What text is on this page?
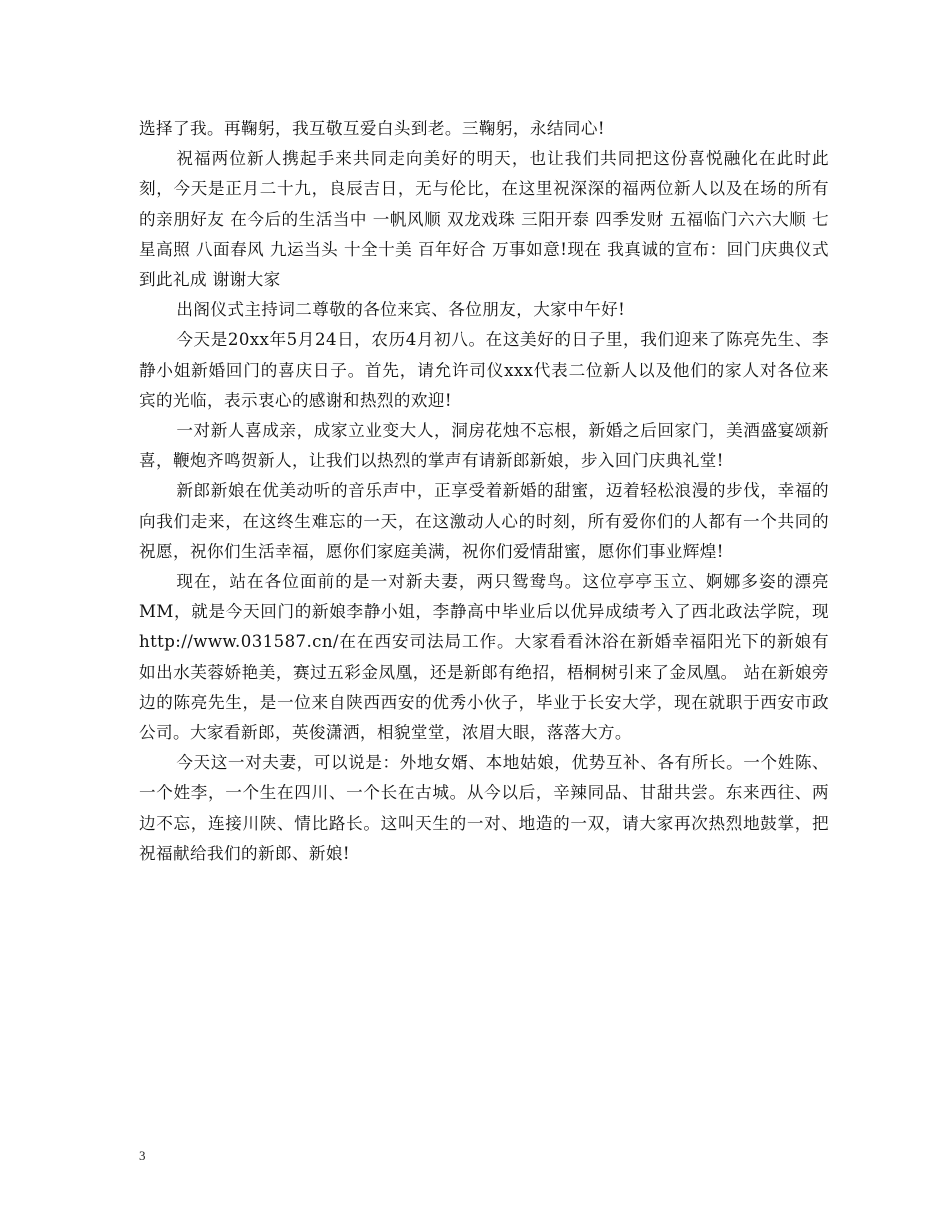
选择了我。再鞠躬，我互敬互爱白头到老。三鞠躬，永结同心!

祝福两位新人携起手来共同走向美好的明天，也让我们共同把这份喜悦融化在此时此刻，今天是正月二十九，良辰吉日，无与伦比，在这里祝深深的福两位新人以及在场的所有的亲朋好友 在今后的生活当中 一帆风顺 双龙戏珠 三阳开泰 四季发财 五福临门六六大顺 七星高照 八面春风 九运当头 十全十美 百年好合 万事如意!现在 我真诚的宣布：回门庆典仪式 到此礼成 谢谢大家

出阁仪式主持词二尊敬的各位来宾、各位朋友，大家中午好!

今天是20xx年5月24日，农历4月初八。在这美好的日子里，我们迎来了陈亮先生、李静小姐新婚回门的喜庆日子。首先，请允许司仪xxx代表二位新人以及他们的家人对各位来宾的光临，表示衷心的感谢和热烈的欢迎!

一对新人喜成亲，成家立业变大人，洞房花烛不忘根，新婚之后回家门，美酒盛宴颂新喜，鞭炮齐鸣贺新人，让我们以热烈的掌声有请新郎新娘，步入回门庆典礼堂!

新郎新娘在优美动听的音乐声中，正享受着新婚的甜蜜，迈着轻松浪漫的步伐，幸福的向我们走来，在这终生难忘的一天，在这激动人心的时刻，所有爱你们的人都有一个共同的祝愿，祝你们生活幸福，愿你们家庭美满，祝你们爱情甜蜜，愿你们事业辉煌!

现在，站在各位面前的是一对新夫妻，两只鸳鸯鸟。这位亭亭玉立、婀娜多姿的漂亮MM，就是今天回门的新娘李静小姐，李静高中毕业后以优异成绩考入了西北政法学院，现http://www.031587.cn/在在西安司法局工作。大家看看沐浴在新婚幸福阳光下的新娘有如出水芙蓉娇艳美，赛过五彩金凤凰，还是新郎有绝招，梧桐树引来了金凤凰。 站在新娘旁边的陈亮先生，是一位来自陕西西安的优秀小伙子，毕业于长安大学，现在就职于西安市政公司。大家看新郎，英俊潇洒，相貌堂堂，浓眉大眼，落落大方。

今天这一对夫妻，可以说是：外地女婿、本地姑娘，优势互补、各有所长。一个姓陈、一个姓李，一个生在四川、一个长在古城。从今以后，辛辣同品、甘甜共尝。东来西往、两边不忘，连接川陕、情比路长。这叫天生的一对、地造的一双，请大家再次热烈地鼓掌，把祝福献给我们的新郎、新娘!

3
